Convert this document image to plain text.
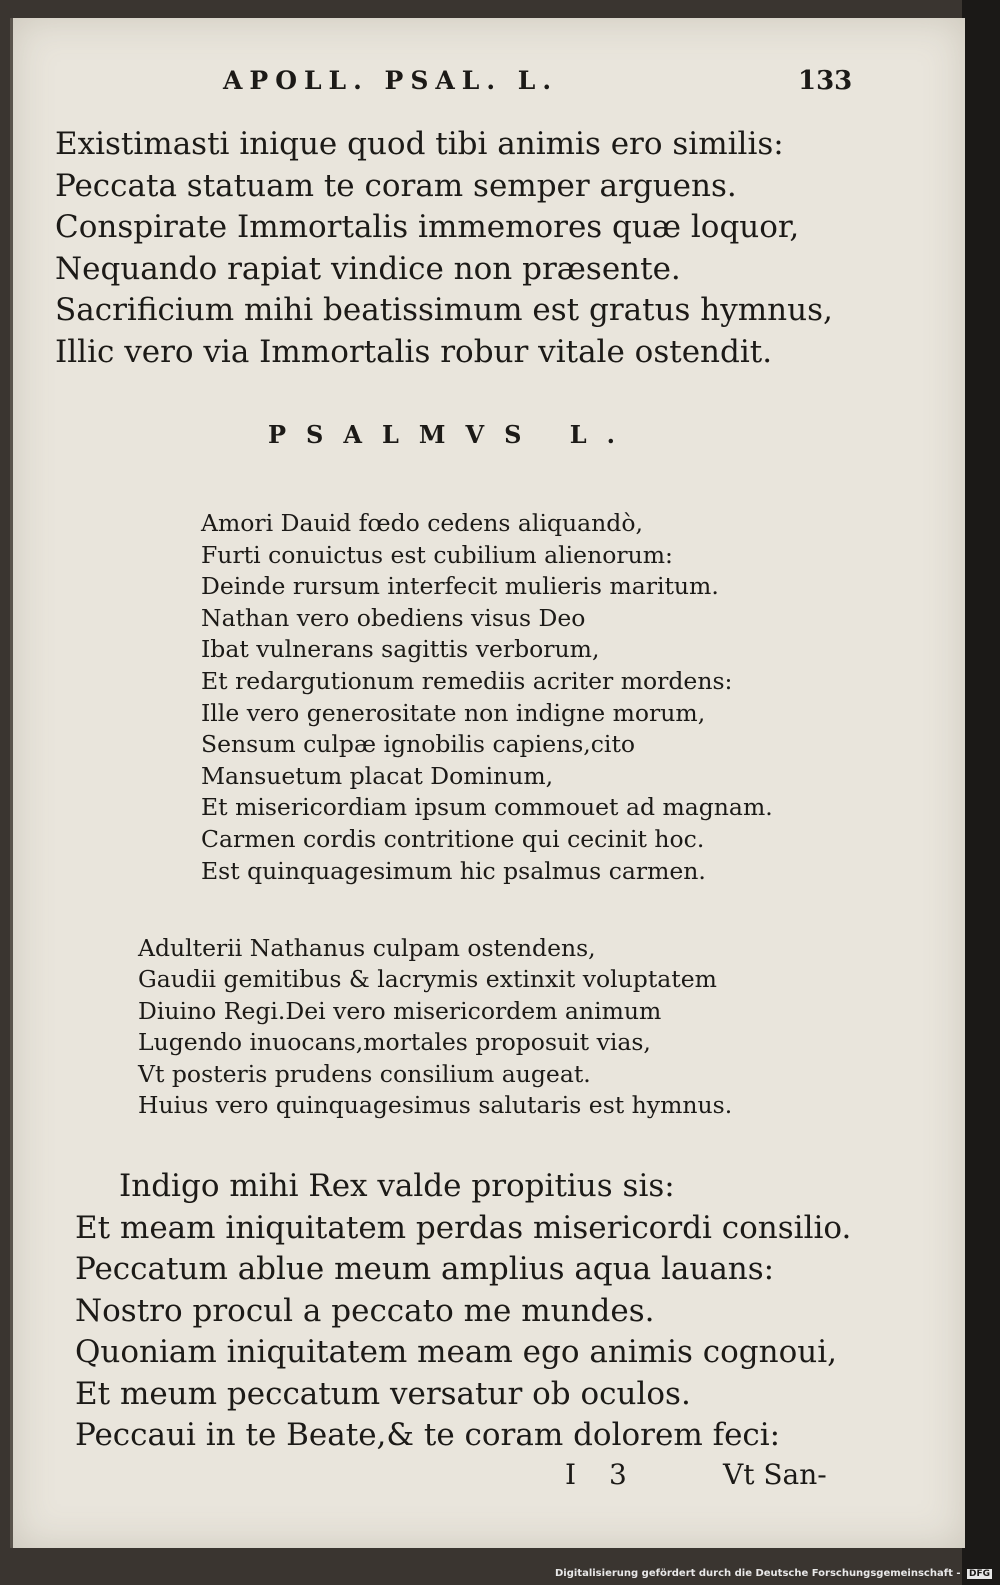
APOLL. PSAL. L.	133
Existimasti inique quod tibi animis ero similis:
Peccata statuam te coram semper arguens.
Conspirate Immortalis immemores quæ loquor,
Nequando rapiat vindice non præsente.
Sacrificium mihi beatissimum est gratus hymnus,
Illic vero via Immortalis robur vitale ostendit.
PSALMVS L.
Amori Dauid fœdo cedens aliquandò,
Furti conuictus est cubilium alienorum:
Deinde rursum interfecit mulieris maritum.
Nathan vero obediens visus Deo
Ibat vulnerans sagittis verborum,
Et redargutionum remediis acriter mordens:
Ille vero generositate non indigne morum,
Sensum culpæ ignobilis capiens,cito
Mansuetum placat Dominum,
Et misericordiam ipsum commouet ad magnam.
Carmen cordis contritione qui cecinit hoc.
Est quinquagesimum hic psalmus carmen.
Adulterii Nathanus culpam ostendens,
Gaudii gemitibus & lacrymis extinxit voluptatem
Diuino Regi.Dei vero misericordem animum
Lugendo inuocans,mortales proposuit vias,
Vt posteris prudens consilium augeat.
Huius vero quinquagesimus salutaris est hymnus.
Indigo mihi Rex valde propitius sis:
Et meam iniquitatem perdas misericordi consilio.
Peccatum ablue meum amplius aqua lauans:
Nostro procul a peccato me mundes.
Quoniam iniquitatem meam ego animis cognoui,
Et meum peccatum versatur ob oculos.
Peccaui in te Beate,& te coram dolorem feci:
I 3	Vt San-
Digitalisierung gefördert durch die Deutsche Forschungsgemeinschaft - DFG
